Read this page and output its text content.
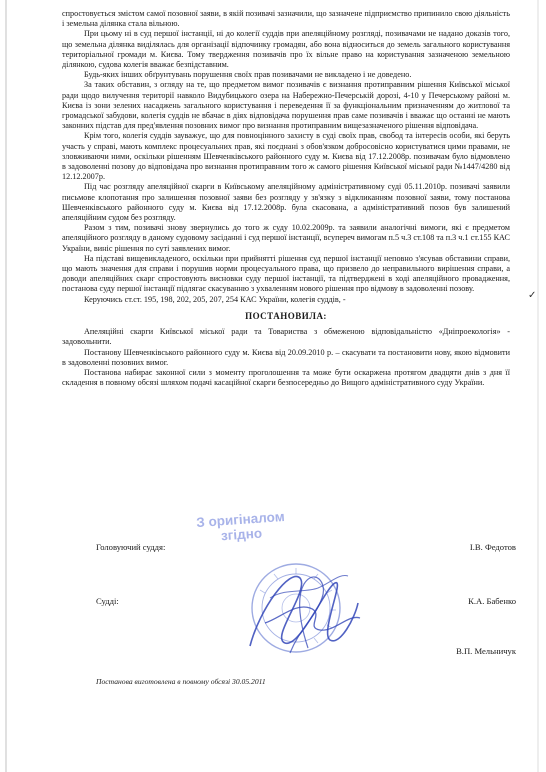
спростовується змістом самої позовної заяви, в якій позивачі зазначили, що зазначене підприємство припинило свою діяльність і земельна ділянка стала вільною.

При цьому ні в суд першої інстанції, ні до колегії суддів при апеляційному розгляді, позивачами не надано доказів того, що земельна ділянка виділялась для організації відпочинку громадян, або вона відноситься до земель загального користування територіальної громади м. Києва. Тому твердження позивачів про їх вільне право на користування зазначеною земельною ділянкою, судова колегія вважає безпідставним.

Будь-яких інших обґрунтувань порушення своїх прав позивачами не викладено і не доведено.

За таких обставин, з огляду на те, що предметом вимог позивачів є визнання протиправним рішення Київської міської ради щодо вилучення території навколо Видубицького озера на Набережно-Печерській дорозі, 4-10 у Печерському районі м. Києва із зони зелених насаджень загального користування і переведення її за функціональним призначенням до житлової та громадської забудови, колегія суддів не вбачає в діях відповідача порушення прав саме позивачів і вважає що останні не мають законних підстав для пред'явлення позовних вимог про визнання протиправним вищезазначеного рішення відповідача.

Крім того, колегія суддів зауважує, що для повноцінного захисту в суді своїх прав, свобод та інтересів особи, які беруть участь у справі, мають комплекс процесуальних прав, які поєднані з обов'язком добросовісно користуватися цими правами, не зловживаючи ними, оскільки рішенням Шевченківського районного суду м. Києва від 17.12.2008р. позивачам було відмовлено в задоволенні позову до відповідача про визнання протиправним того ж самого рішення Київської міської ради №1447/4280 від 12.12.2007р.

Під час розгляду апеляційної скарги в Київському апеляційному адміністративному суді 05.11.2010р. позивачі заявили письмове клопотання про залишення позовної заяви без розгляду у зв'язку з відкликанням позовної заяви, тому постанова Шевченківського районного суду м. Києва від 17.12.2008р. була скасована, а адміністративний позов був залишений апеляційним судом без розгляду.

Разом з тим, позивачі знову звернулись до того ж суду 10.02.2009р. та заявили аналогічні вимоги, які є предметом апеляційного розгляду в даному судовому засіданні і суд першої інстанції, всупереч вимогам п.5 ч.3 ст.108 та п.3 ч.1 ст.155 КАС України, виніс рішення по суті заявлених вимог.

На підставі вищевикладеного, оскільки при прийнятті рішення суд першої інстанції неповно з'ясував обставини справи, що мають значення для справи і порушив норми процесуального права, що призвело до неправильного вирішення справи, а доводи апеляційних скарг спростовують висновки суду першої інстанції, та підтверджені в ході апеляційного провадження, постанова суду першої інстанції підлягає скасуванню з ухваленням нового рішення про відмову в задоволенні позову.

Керуючись ст.ст. 195, 198, 202, 205, 207, 254 КАС України, колегія суддів, -

ПОСТАНОВИЛА:

Апеляційні скарги Київської міської ради та Товариства з обмеженою відповідальністю «Дніпроекологія» - задовольнити.

Постанову Шевченківського районного суду м. Києва від 20.09.2010 р. – скасувати та постановити нову, якою відмовити в задоволенні позовних вимог.

Постанова набирає законної сили з моменту проголошення та може бути оскаржена протягом двадцяти днів з дня її складення в повному обсязі шляхом подачі касаційної скарги безпосередньо до Вищого адміністративного суду України.

✓
З оригіналом
згідно
Головуючий суддя:	І.В. Федотов
Судді:	К.А. Бабенко
В.П. Мельничук
Постанова виготовлена в повному обсязі 30.05.2011
